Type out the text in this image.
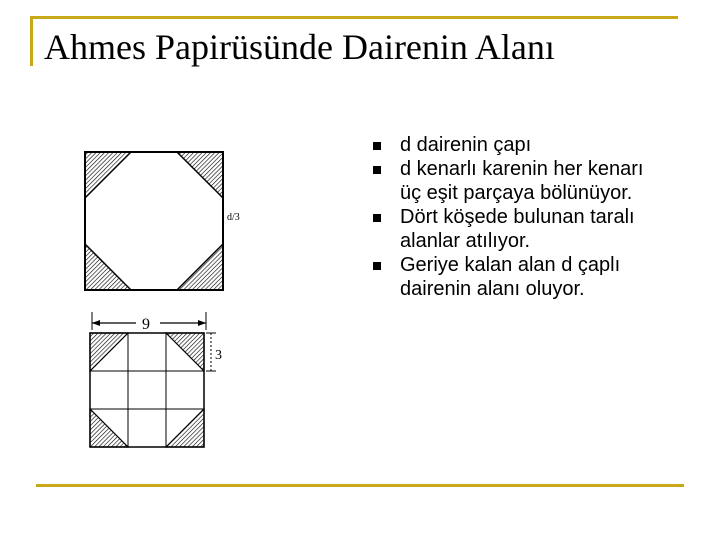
Ahmes Papirüsünde Dairenin Alanı
d/3
9
3
d dairenin çapı
d kenarlı karenin her kenarı üç eşit parçaya bölünüyor.
Dört köşede bulunan taralı alanlar atılıyor.
Geriye kalan alan d çaplı dairenin alanı oluyor.
